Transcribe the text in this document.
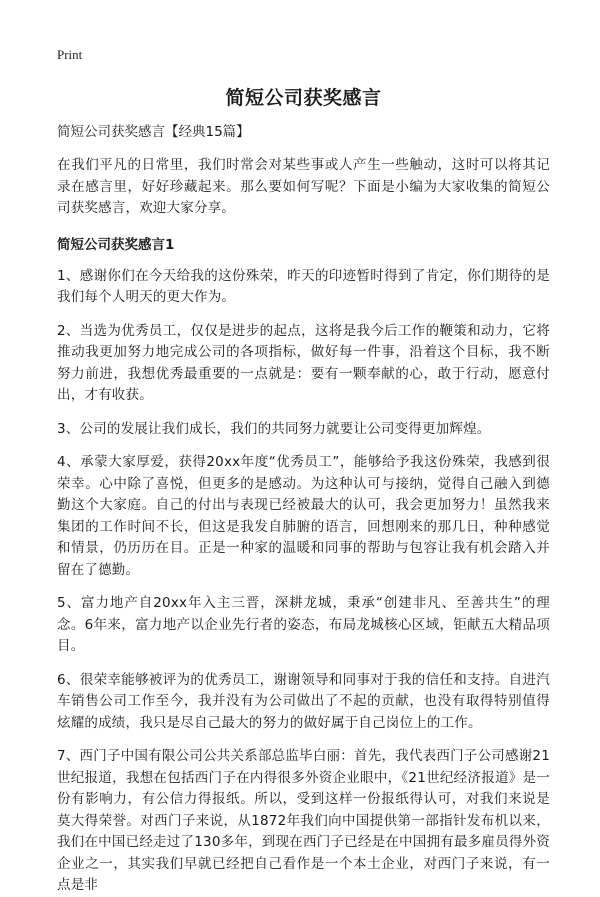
Print
简短公司获奖感言

简短公司获奖感言【经典15篇】

在我们平凡的日常里，我们时常会对某些事或人产生一些触动，这时可以将其记录在感言里，好好珍藏起来。那么要如何写呢？下面是小编为大家收集的简短公司获奖感言，欢迎大家分享。

简短公司获奖感言1

1、感谢你们在今天给我的这份殊荣，昨天的印迹暂时得到了肯定，你们期待的是我们每个人明天的更大作为。

2、当选为优秀员工，仅仅是进步的起点，这将是我今后工作的鞭策和动力，它将推动我更加努力地完成公司的各项指标，做好每一件事，沿着这个目标，我不断努力前进，我想优秀最重要的一点就是：要有一颗奉献的心，敢于行动，愿意付出，才有收获。

3、公司的发展让我们成长，我们的共同努力就要让公司变得更加辉煌。

4、承蒙大家厚爱，获得20xx年度“优秀员工”，能够给予我这份殊荣，我感到很荣幸。心中除了喜悦，但更多的是感动。为这种认可与接纳，觉得自己融入到德勤这个大家庭。自己的付出与表现已经被最大的认可，我会更加努力！虽然我来集团的工作时间不长，但这是我发自肺腑的语言，回想刚来的那几日，种种感觉和情景，仍历历在目。正是一种家的温暖和同事的帮助与包容让我有机会踏入并留在了德勤。

5、富力地产自20xx年入主三晋，深耕龙城，秉承“创建非凡、至善共生”的理念。6年来，富力地产以企业先行者的姿态，布局龙城核心区域，钜献五大精品项目。

6、很荣幸能够被评为的优秀员工，谢谢领导和同事对于我的信任和支持。自进汽车销售公司工作至今，我并没有为公司做出了不起的贡献，也没有取得特别值得炫耀的成绩，我只是尽自己最大的努力的做好属于自己岗位上的工作。

7、西门子中国有限公司公共关系部总监毕白丽：首先，我代表西门子公司感谢21世纪报道，我想在包括西门子在内得很多外资企业眼中，《21世纪经济报道》是一份有影响力，有公信力得报纸。所以，受到这样一份报纸得认可，对我们来说是莫大得荣誉。对西门子来说，从1872年我们向中国提供第一部指针发布机以来，我们在中国已经走过了130多年，到现在西门子已经是在中国拥有最多雇员得外资企业之一，其实我们早就已经把自己看作是一个本土企业，对西门子来说，有一点是非
